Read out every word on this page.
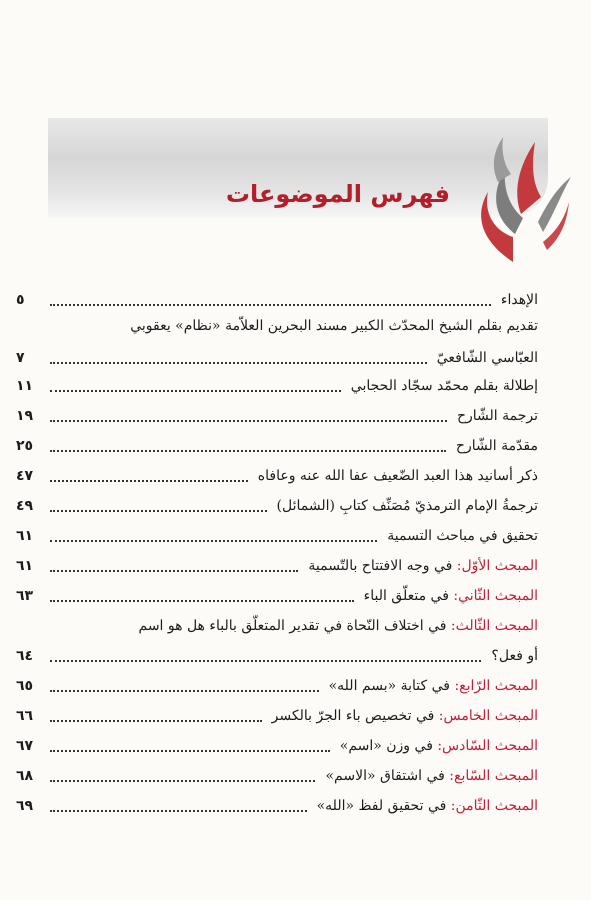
فهرس الموضوعات
الإهداء
٥
تقديم بقلم الشيخ المحدّث الكبير مسند البحرين العلاّمة «نظام» يعقوبي
العبّاسي الشّافعيّ
٧
إطلالة بقلم محمّد سجّاد الحجابي
١١
ترجمة الشّارح
١٩
مقدّمة الشّارح
٢٥
ذكر أسانيد هذا العبد الضّعيف عفا الله عنه وعافاه
٤٧
ترجمةُ الإمام الترمذيّ مُصَنِّف كتابِ (الشمائل)
٤٩
تحقيق في مباحث التسمية
٦١
المبحث الأوّل: في وجه الافتتاح بالتّسمية
٦١
المبحث الثّاني: في متعلّق الباء
٦٣
المبحث الثّالث: في اختلاف النّحاة في تقدير المتعلّق بالباء هل هو اسم
أو فعل؟
٦٤
المبحث الرّابع: في كتابة «بسم الله»
٦٥
المبحث الخامس: في تخصيص باء الجرّ بالكسر
٦٦
المبحث السّادس: في وزن «اسم»
٦٧
المبحث السّابع: في اشتقاق «الاسم»
٦٨
المبحث الثّامن: في تحقيق لفظ «الله»
٦٩
